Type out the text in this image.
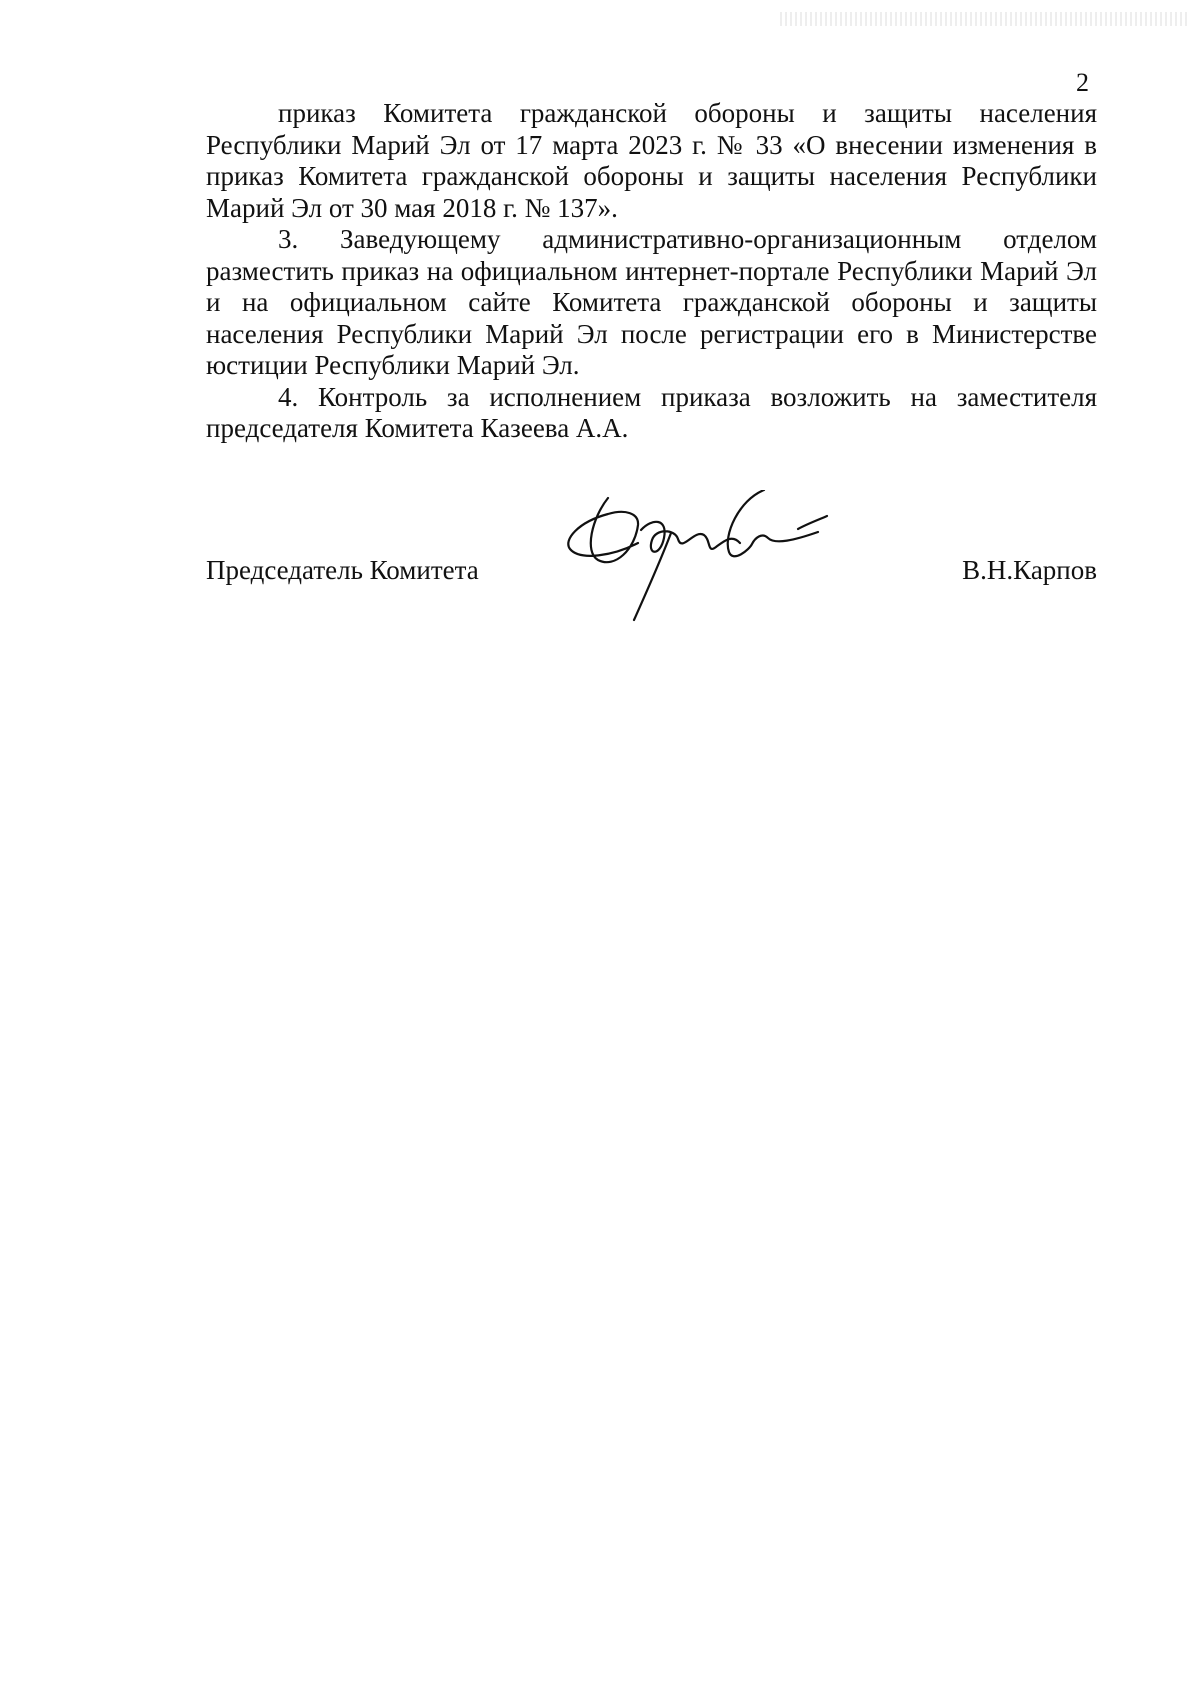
2

приказ Комитета гражданской обороны и защиты населения Республики Марий Эл от 17 марта 2023 г. № 33 «О внесении изменения в приказ Комитета гражданской обороны и защиты населения Республики Марий Эл от 30 мая 2018 г. № 137».

3. Заведующему административно-организационным отделом разместить приказ на официальном интернет-портале Республики Марий Эл и на официальном сайте Комитета гражданской обороны и защиты населения Республики Марий Эл после регистрации его в Министерстве юстиции Республики Марий Эл.

4. Контроль за исполнением приказа возложить на заместителя председателя Комитета Казеева А.А.

Председатель Комитета	В.Н.Карпов
